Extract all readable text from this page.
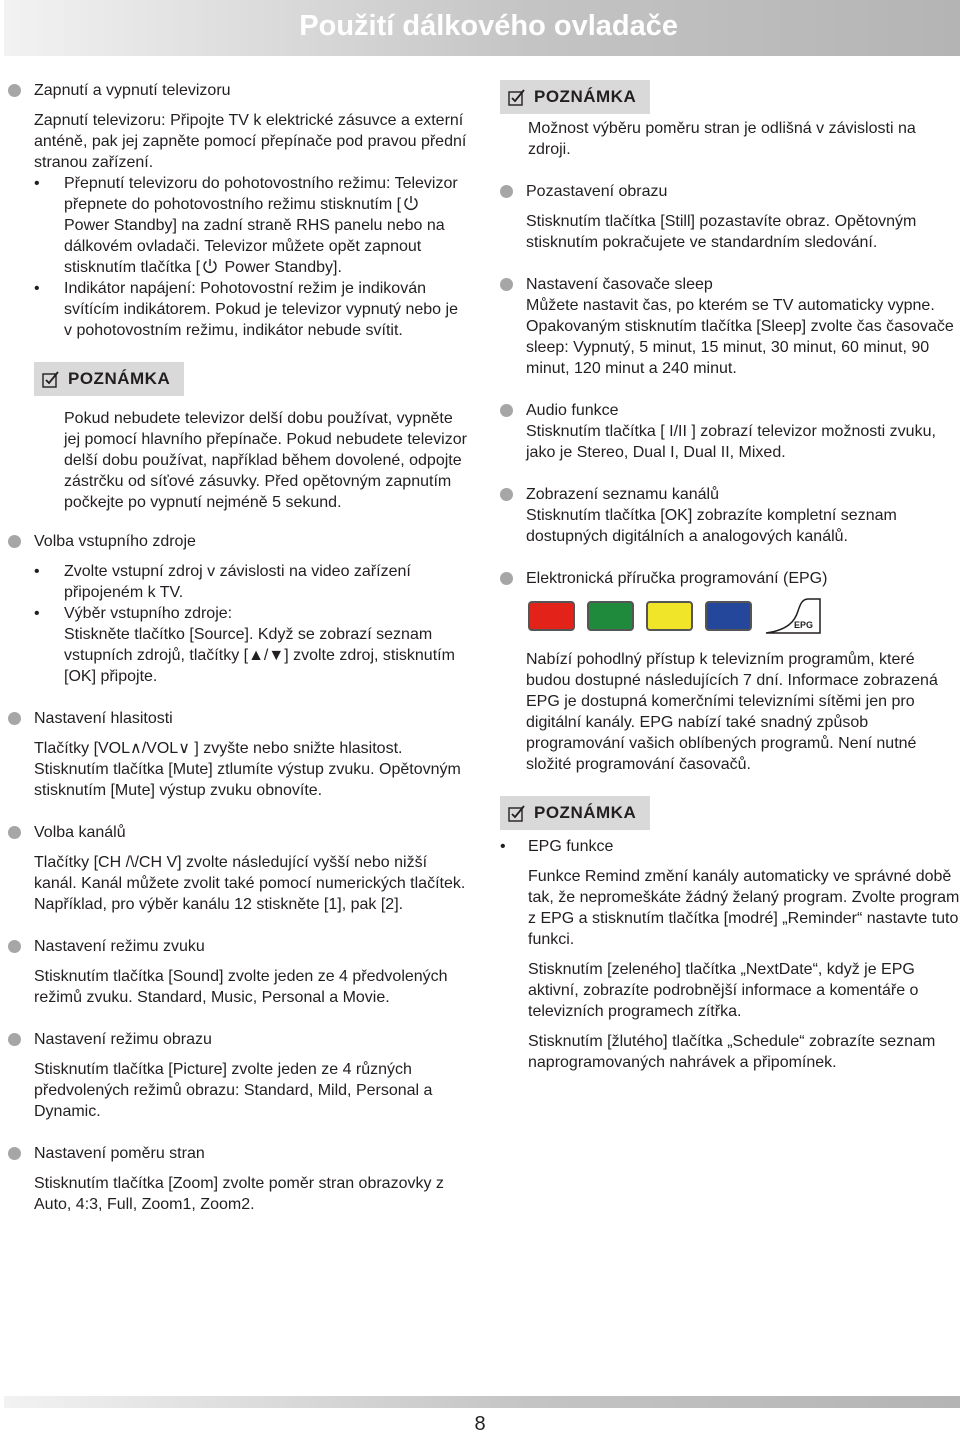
Použití dálkového ovladače
Zapnutí a vypnutí televizoru

Zapnutí televizoru: Připojte TV k elektrické zásuvce a externí anténě, pak jej zapněte pomocí přepínače pod pravou přední stranou zařízení.

• Přepnutí televizoru do pohotovostního režimu: Televizor přepnete do pohotovostního režimu stisknutím [ Power Standby] na zadní straně RHS panelu nebo na dálkovém ovladači. Televizor můžete opět zapnout stisknutím tlačítka [ Power Standby].
• Indikátor napájení: Pohotovostní režim je indikován svítícím indikátorem. Pokud je televizor vypnutý nebo je v pohotovostním režimu, indikátor nebude svítit.
POZNÁMKA
Pokud nebudete televizor delší dobu používat, vypněte jej pomocí hlavního přepínače. Pokud nebudete televizor delší dobu používat, například během dovolené, odpojte zástrčku od síťové zásuvky. Před opětovným zapnutím počkejte po vypnutí nejméně 5 sekund.
Volba vstupního zdroje
• Zvolte vstupní zdroj v závislosti na video zařízení připojeném k TV.
• Výběr vstupního zdroje:
Stiskněte tlačítko [Source]. Když se zobrazí seznam vstupních zdrojů, tlačítky [▲/▼] zvolte zdroj, stisknutím [OK] připojte.
Nastavení hlasitosti

Tlačítky [VOL∧/VOL∨ ] zvyšte nebo snižte hlasitost. Stisknutím tlačítka [Mute] ztlumíte výstup zvuku. Opětovným stisknutím [Mute] výstup zvuku obnovíte.

Volba kanálů

Tlačítky [CH /\/CH V] zvolte následující vyšší nebo nižší kanál. Kanál můžete zvolit také pomocí numerických tlačítek. Například, pro výběr kanálu 12 stiskněte [1], pak [2].

Nastavení režimu zvuku

Stisknutím tlačítka [Sound] zvolte jeden ze 4 předvolených režimů zvuku. Standard, Music, Personal a Movie.

Nastavení režimu obrazu

Stisknutím tlačítka [Picture] zvolte jeden ze 4 různých předvolených režimů obrazu: Standard, Mild, Personal a Dynamic.

Nastavení poměru stran

Stisknutím tlačítka [Zoom] zvolte poměr stran obrazovky z Auto, 4:3, Full, Zoom1, Zoom2.

POZNÁMKA
Možnost výběru poměru stran je odlišná v závislosti na zdroji.
Pozastavení obrazu

Stisknutím tlačítka [Still] pozastavíte obraz. Opětovným stisknutím pokračujete ve standardním sledování.

Nastavení časovače sleep

Můžete nastavit čas, po kterém se TV automaticky vypne.

Opakovaným stisknutím tlačítka [Sleep] zvolte čas časovače sleep: Vypnutý, 5 minut, 15 minut, 30 minut, 60 minut, 90 minut, 120 minut a 240 minut.

Audio funkce

Stisknutím tlačítka [ I/II ] zobrazí televizor možnosti zvuku, jako je Stereo, Dual I, Dual II, Mixed.

Zobrazení seznamu kanálů

Stisknutím tlačítka [OK] zobrazíte kompletní seznam dostupných digitálních a analogových kanálů.

Elektronická příručka programování (EPG)
EPG

Nabízí pohodlný přístup k televizním programům, které budou dostupné následujících 7 dní. Informace zobrazená EPG je dostupná komerčními televizními sítěmi jen pro digitální kanály. EPG nabízí také snadný způsob programování vašich oblíbených programů. Není nutné složité programování časovačů.

POZNÁMKA
• EPG funkce

Funkce Remind změní kanály automaticky ve správné době tak, že nepromeškáte žádný želaný program. Zvolte program z EPG a stisknutím tlačítka [modré] „Reminder“ nastavte tuto funkci.

Stisknutím [zeleného] tlačítka „NextDate“, když je EPG aktivní, zobrazíte podrobnější informace a komentáře o televizních programech zítřka.

Stisknutím [žlutého] tlačítka „Schedule“ zobrazíte seznam naprogramovaných nahrávek a připomínek.

8
